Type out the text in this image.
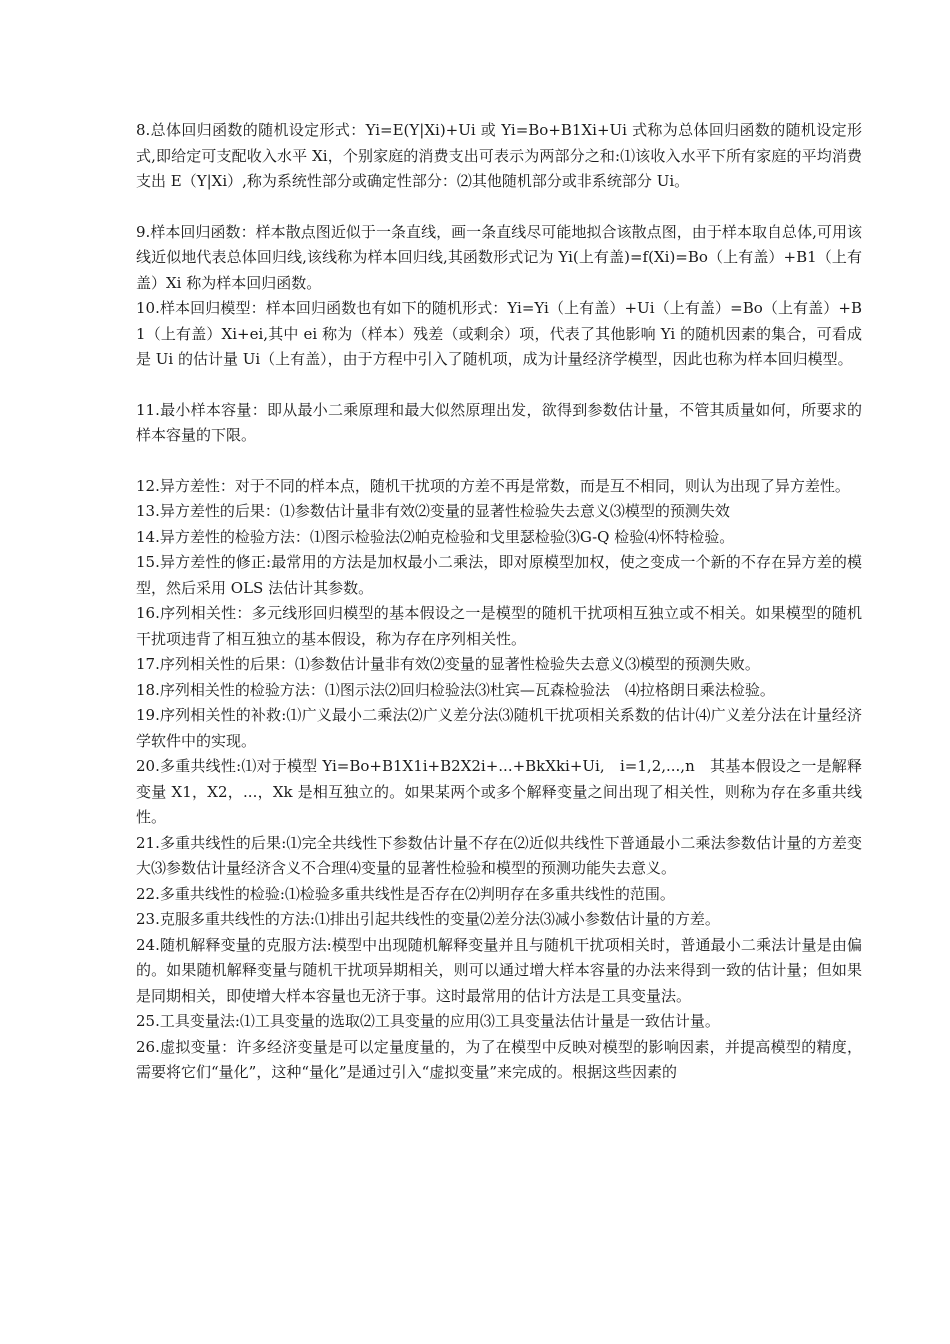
8.总体回归函数的随机设定形式：Yi=E(Y|Xi)+Ui 或 Yi=Bo+B1Xi+Ui 式称为总体回归函数的随机设定形式,即给定可支配收入水平 Xi，个别家庭的消费支出可表示为两部分之和:⑴该收入水平下所有家庭的平均消费支出 E（Y|Xi）,称为系统性部分或确定性部分：⑵其他随机部分或非系统部分 Ui。

9.样本回归函数：样本散点图近似于一条直线，画一条直线尽可能地拟合该散点图，由于样本取自总体,可用该线近似地代表总体回归线,该线称为样本回归线,其函数形式记为 Yi(上有盖)=f(Xi)=Bo（上有盖）+B1（上有盖）Xi 称为样本回归函数。

10.样本回归模型：样本回归函数也有如下的随机形式：Yi=Yi（上有盖）+Ui（上有盖）=Bo（上有盖）+B1（上有盖）Xi+ei,其中 ei 称为（样本）残差（或剩余）项，代表了其他影响 Yi 的随机因素的集合，可看成是 Ui 的估计量 Ui（上有盖），由于方程中引入了随机项，成为计量经济学模型，因此也称为样本回归模型。

11.最小样本容量：即从最小二乘原理和最大似然原理出发，欲得到参数估计量，不管其质量如何，所要求的样本容量的下限。

12.异方差性：对于不同的样本点，随机干扰项的方差不再是常数，而是互不相同，则认为出现了异方差性。

13.异方差性的后果：⑴参数估计量非有效⑵变量的显著性检验失去意义⑶模型的预测失效

14.异方差性的检验方法：⑴图示检验法⑵帕克检验和戈里瑟检验⑶G-Q 检验⑷怀特检验。

15.异方差性的修正:最常用的方法是加权最小二乘法，即对原模型加权，使之变成一个新的不存在异方差的模型，然后采用 OLS 法估计其参数。

16.序列相关性：多元线形回归模型的基本假设之一是模型的随机干扰项相互独立或不相关。如果模型的随机干扰项违背了相互独立的基本假设，称为存在序列相关性。

17.序列相关性的后果：⑴参数估计量非有效⑵变量的显著性检验失去意义⑶模型的预测失败。

18.序列相关性的检验方法：⑴图示法⑵回归检验法⑶杜宾—瓦森检验法　⑷拉格朗日乘法检验。

19.序列相关性的补救:⑴广义最小二乘法⑵广义差分法⑶随机干扰项相关系数的估计⑷广义差分法在计量经济学软件中的实现。

20.多重共线性:⑴对于模型 Yi=Bo+B1X1i+B2X2i+...+BkXki+Ui,　i=1,2,...,n　其基本假设之一是解释变量 X1，X2，...，Xk 是相互独立的。如果某两个或多个解释变量之间出现了相关性，则称为存在多重共线性。

21.多重共线性的后果:⑴完全共线性下参数估计量不存在⑵近似共线性下普通最小二乘法参数估计量的方差变大⑶参数估计量经济含义不合理⑷变量的显著性检验和模型的预测功能失去意义。

22.多重共线性的检验:⑴检验多重共线性是否存在⑵判明存在多重共线性的范围。

23.克服多重共线性的方法:⑴排出引起共线性的变量⑵差分法⑶减小参数估计量的方差。

24.随机解释变量的克服方法:模型中出现随机解释变量并且与随机干扰项相关时，普通最小二乘法计量是由偏的。如果随机解释变量与随机干扰项异期相关，则可以通过增大样本容量的办法来得到一致的估计量；但如果是同期相关，即使增大样本容量也无济于事。这时最常用的估计方法是工具变量法。

25.工具变量法:⑴工具变量的选取⑵工具变量的应用⑶工具变量法估计量是一致估计量。

26.虚拟变量：许多经济变量是可以定量度量的，为了在模型中反映对模型的影响因素，并提高模型的精度，需要将它们“量化”，这种“量化”是通过引入“虚拟变量”来完成的。根据这些因素的
